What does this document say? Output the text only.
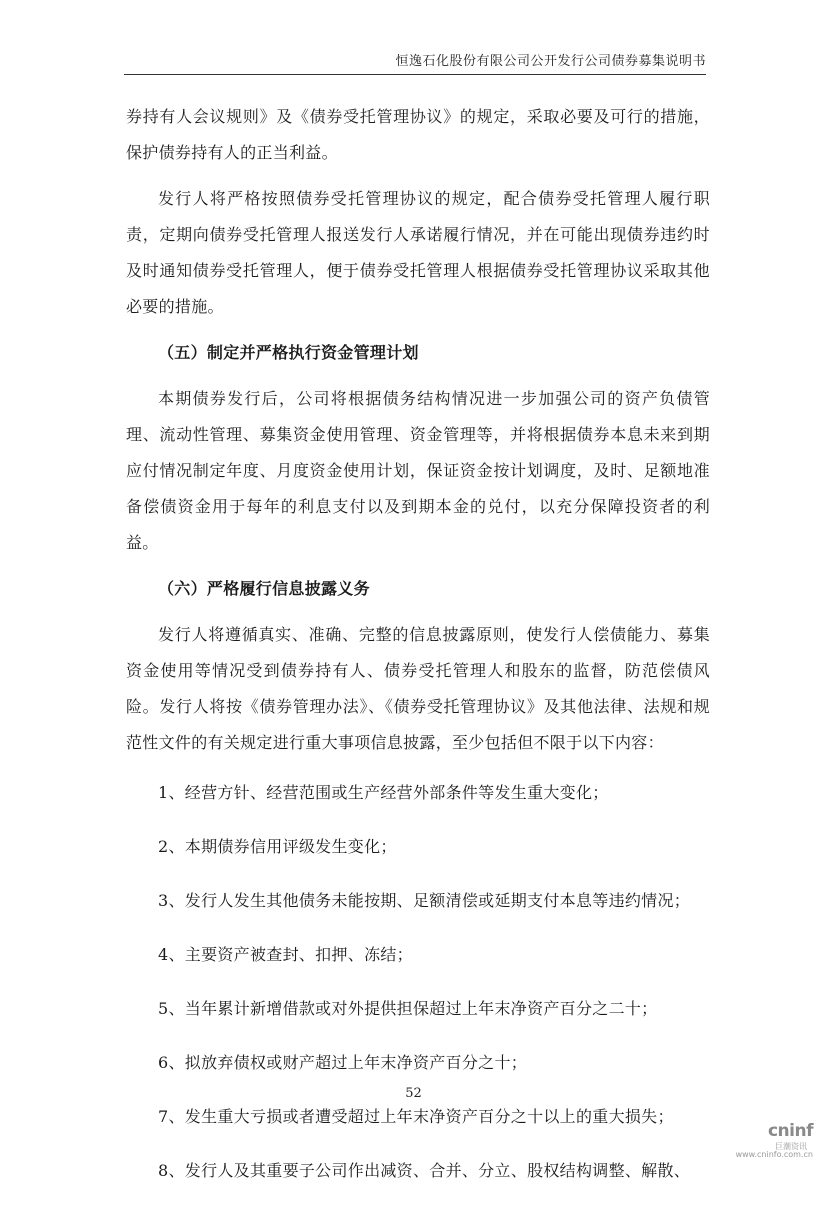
恒逸石化股份有限公司公开发行公司债券募集说明书

券持有人会议规则》及《债券受托管理协议》的规定，采取必要及可行的措施，保护债券持有人的正当利益。

发行人将严格按照债券受托管理协议的规定，配合债券受托管理人履行职责，定期向债券受托管理人报送发行人承诺履行情况，并在可能出现债券违约时及时通知债券受托管理人，便于债券受托管理人根据债券受托管理协议采取其他必要的措施。

（五）制定并严格执行资金管理计划

本期债券发行后，公司将根据债务结构情况进一步加强公司的资产负债管理、流动性管理、募集资金使用管理、资金管理等，并将根据债券本息未来到期应付情况制定年度、月度资金使用计划，保证资金按计划调度，及时、足额地准备偿债资金用于每年的利息支付以及到期本金的兑付，以充分保障投资者的利益。

（六）严格履行信息披露义务

发行人将遵循真实、准确、完整的信息披露原则，使发行人偿债能力、募集资金使用等情况受到债券持有人、债券受托管理人和股东的监督，防范偿债风险。发行人将按《债券管理办法》、《债券受托管理协议》及其他法律、法规和规范性文件的有关规定进行重大事项信息披露，至少包括但不限于以下内容：

1、经营方针、经营范围或生产经营外部条件等发生重大变化；

2、本期债券信用评级发生变化；

3、发行人发生其他债务未能按期、足额清偿或延期支付本息等违约情况；

4、主要资产被查封、扣押、冻结；

5、当年累计新增借款或对外提供担保超过上年末净资产百分之二十；

6、拟放弃债权或财产超过上年末净资产百分之十；

7、发生重大亏损或者遭受超过上年末净资产百分之十以上的重大损失；

8、发行人及其重要子公司作出减资、合并、分立、股权结构调整、解散、

52
cninf
巨潮资讯
www.cninfo.com.cn
